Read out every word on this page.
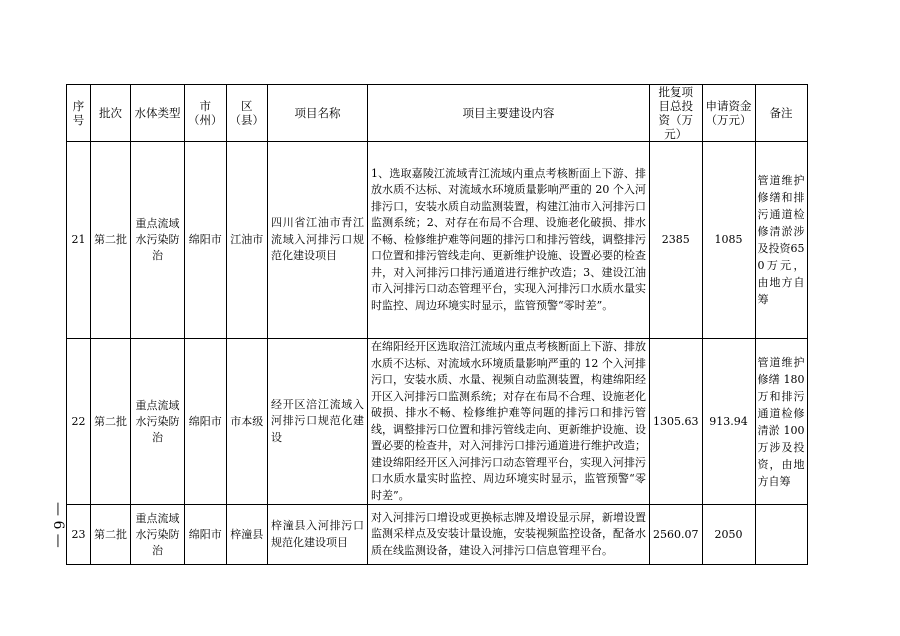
— 6 —
序号	批次	水体类型	市（州）	区（县）	项目名称	项目主要建设内容	批复项目总投资（万元）	申请资金（万元）	备注
21	第二批	重点流域水污染防治	绵阳市	江油市	四川省江油市青江流域入河排污口规范化建设项目	1、选取嘉陵江流域青江流域内重点考核断面上下游、排放水质不达标、对流域水环境质量影响严重的 20 个入河排污口，安装水质自动监测装置，构建江油市入河排污口监测系统；2、对存在布局不合理、设施老化破损、排水不畅、检修维护难等问题的排污口和排污管线，调整排污口位置和排污管线走向、更新维护设施、设置必要的检查井，对入河排污口排污通道进行维护改造；3、建设江油市入河排污口动态管理平台，实现入河排污口水质水量实时监控、周边环境实时显示，监管预警“零时差”。	2385	1085	管道维护修缮和排污通道检修清淤涉及投资650万元，由地方自筹
22	第二批	重点流域水污染防治	绵阳市	市本级	经开区涪江流域入河排污口规范化建设	在绵阳经开区选取涪江流域内重点考核断面上下游、排放水质不达标、对流域水环境质量影响严重的 12 个入河排污口，安装水质、水量、视频自动监测装置，构建绵阳经开区入河排污口监测系统；对存在布局不合理、设施老化破损、排水不畅、检修维护难等问题的排污口和排污管线，调整排污口位置和排污管线走向、更新维护设施、设置必要的检查井，对入河排污口排污通道进行维护改造；建设绵阳经开区入河排污口动态管理平台，实现入河排污口水质水量实时监控、周边环境实时显示，监管预警“零时差”。	1305.63	913.94	管道维护修缮 180万和排污通道检修清淤 100万涉及投资，由地方自筹
23	第二批	重点流域水污染防治	绵阳市	梓潼县	梓潼县入河排污口规范化建设项目	对入河排污口增设或更换标志牌及增设显示屏，新增设置监测采样点及安装计量设施，安装视频监控设备，配备水质在线监测设备，建设入河排污口信息管理平台。	2560.07	2050	
